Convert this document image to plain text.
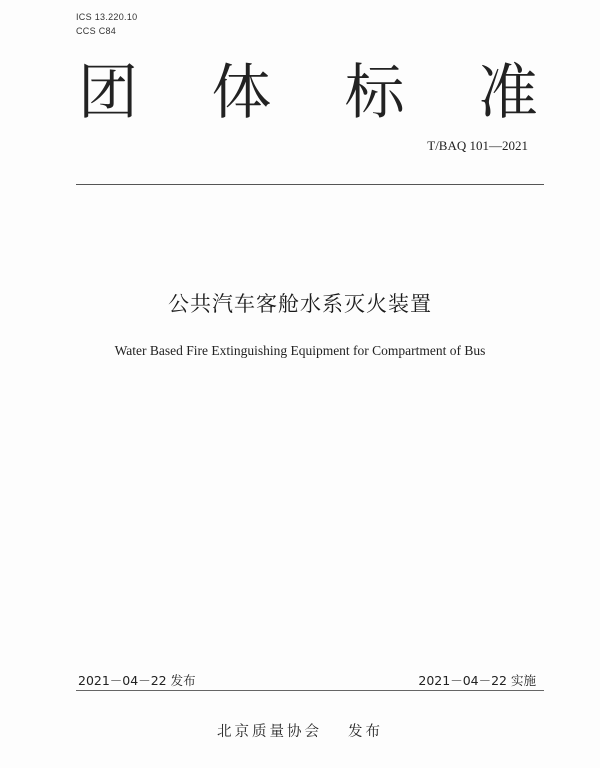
ICS 13.220.10
CCS C84
团 体 标 准
T/BAQ 101—2021
公共汽车客舱水系灭火装置
Water Based Fire Extinguishing Equipment for Compartment of Bus
2021－04－22 发布	2021－04－22 实施
北京质量协会 发布
